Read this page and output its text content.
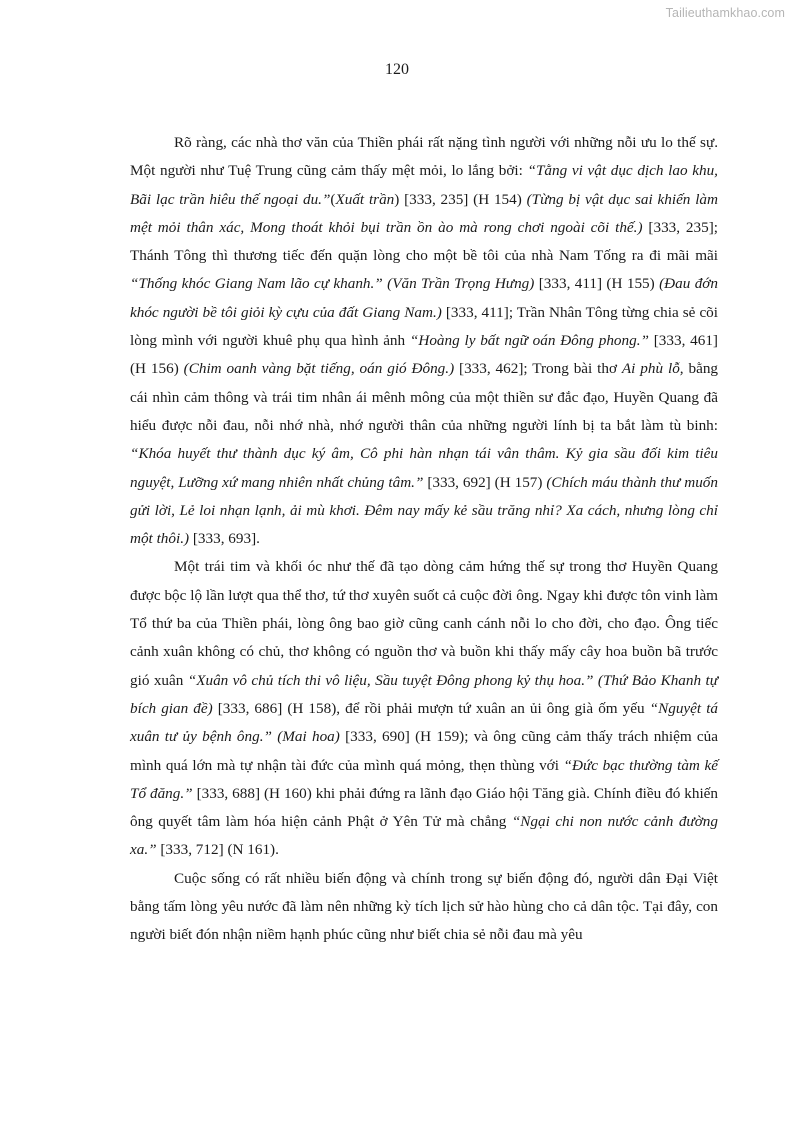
Tailieuthamkhao.com
120

Rõ ràng, các nhà thơ văn của Thiền phái rất nặng tình người với những nỗi ưu lo thế sự. Một người như Tuệ Trung cũng cảm thấy mệt mỏi, lo lắng bởi: “Tằng vi vật dục dịch lao khu, Bãi lạc trần hiêu thế ngoại du.”(Xuất trần) [333, 235] (H 154) (Từng bị vật dục sai khiến làm mệt mỏi thân xác, Mong thoát khỏi bụi trần ồn ào mà rong chơi ngoài cõi thế.) [333, 235]; Thánh Tông thì thương tiếc đến quặn lòng cho một bề tôi của nhà Nam Tống ra đi mãi mãi “Thống khóc Giang Nam lão cự khanh.” (Văn Trần Trọng Hưng) [333, 411] (H 155) (Đau đớn khóc người bề tôi giỏi kỳ cựu của đất Giang Nam.) [333, 411]; Trần Nhân Tông từng chia sẻ cõi lòng mình với người khuê phụ qua hình ảnh “Hoàng ly bất ngữ oán Đông phong.” [333, 461] (H 156) (Chim oanh vàng bặt tiếng, oán gió Đông.) [333, 462]; Trong bài thơ Ai phù lỗ, bằng cái nhìn cảm thông và trái tim nhân ái mênh mông của một thiền sư đắc đạo, Huyền Quang đã hiểu được nỗi đau, nỗi nhớ nhà, nhớ người thân của những người lính bị ta bắt làm tù binh: “Khóa huyết thư thành dục ký âm, Cô phi hàn nhạn tái vân thâm. Kỷ gia sầu đối kim tiêu nguyệt, Lưỡng xứ mang nhiên nhất chủng tâm.” [333, 692] (H 157) (Chích máu thành thư muốn gửi lời, Lẻ loi nhạn lạnh, ải mù khơi. Đêm nay mấy kẻ sầu trăng nhỉ? Xa cách, nhưng lòng chỉ một thôi.) [333, 693].

Một trái tim và khối óc như thế đã tạo dòng cảm hứng thế sự trong thơ Huyền Quang được bộc lộ lần lượt qua thể thơ, tứ thơ xuyên suốt cả cuộc đời ông. Ngay khi được tôn vinh làm Tổ thứ ba của Thiền phái, lòng ông bao giờ cũng canh cánh nỗi lo cho đời, cho đạo. Ông tiếc cảnh xuân không có chủ, thơ không có nguồn thơ và buồn khi thấy mấy cây hoa buồn bã trước gió xuân “Xuân vô chủ tích thi vô liệu, Sầu tuyệt Đông phong kỷ thụ hoa.” (Thứ Bảo Khanh tự bích gian đề) [333, 686] (H 158), để rồi phải mượn tứ xuân an ủi ông già ốm yếu “Nguyệt tá xuân tư ủy bệnh ông.” (Mai hoa) [333, 690] (H 159); và ông cũng cảm thấy trách nhiệm của mình quá lớn mà tự nhận tài đức của mình quá mỏng, thẹn thùng với “Đức bạc thường tàm kế Tổ đăng.” [333, 688] (H 160) khi phải đứng ra lãnh đạo Giáo hội Tăng già. Chính điều đó khiến ông quyết tâm làm hóa hiện cảnh Phật ở Yên Tử mà chẳng “Ngại chi non nước cảnh đường xa.” [333, 712] (N 161).

Cuộc sống có rất nhiều biến động và chính trong sự biến động đó, người dân Đại Việt bằng tấm lòng yêu nước đã làm nên những kỳ tích lịch sử hào hùng cho cả dân tộc. Tại đây, con người biết đón nhận niềm hạnh phúc cũng như biết chia sẻ nỗi đau mà yêu
